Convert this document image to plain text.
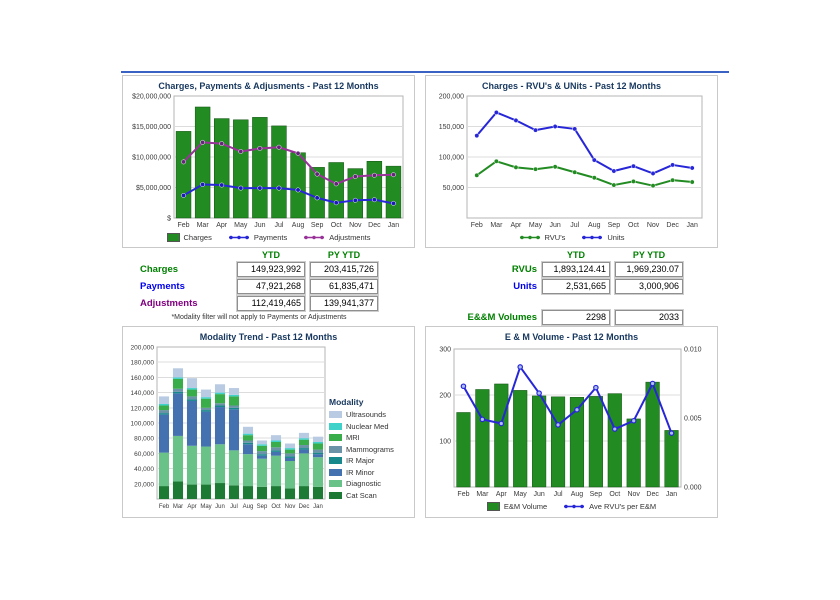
Charges, Payments & Adjusments - Past 12 Months
$
$5,000,000
$10,000,000
$15,000,000
$20,000,000
Feb Mar Apr May Jun Jul Aug Sep Oct Nov Dec Jan
Charges	Payments	Adjustments
Charges - RVU's & UNits - Past 12 Months
50,000
100,000
150,000
200,000
Feb Mar Apr May Jun Jul Aug Sep Oct Nov Dec Jan
RVU's	Units
YTD	PY YTD
Charges	149,923,992	203,415,726
Payments	47,921,268	61,835,471
Adjustments	112,419,465	139,941,377
*Modality filter will not apply to Payments or Adjustments
YTD	PY YTD
RVUs	1,893,124.41	1,969,230.07
Units	2,531,665	3,000,906
E&&M Volumes	2298	2033
Modality Trend - Past 12 Months
20,000
40,000
60,000
80,000
100,000
120,000
140,000
160,000
180,000
200,000
Feb Mar Apr May Jun Jul Aug Sep Oct Nov Dec Jan
Modality
Ultrasounds
Nuclear Med
MRI
Mammograms
IR Major
IR Minor
Diagnostic
Cat Scan
E & M Volume - Past 12 Months
100
200
300
0.000
0.005
0.010
Feb Mar Apr May Jun Jul Aug Sep Oct Nov Dec Jan
E&M Volume	Ave RVU's per E&M
